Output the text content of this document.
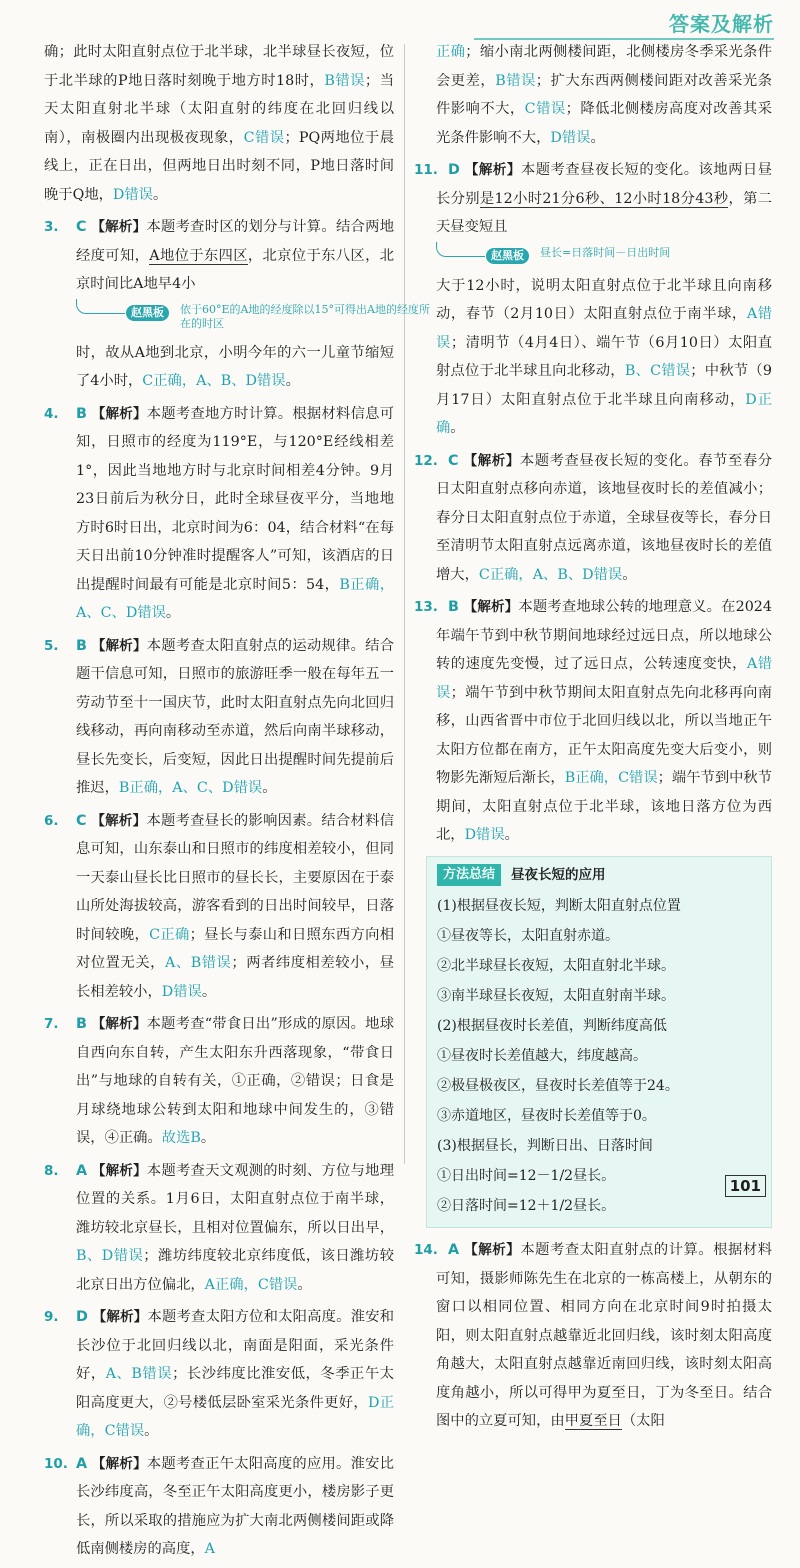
答案及解析

确；此时太阳直射点位于北半球，北半球昼长夜短，位于北半球的P地日落时刻晚于地方时18时，B错误；当天太阳直射北半球（太阳直射的纬度在北回归线以南），南极圈内出现极夜现象，C错误；PQ两地位于晨线上，正在日出，但两地日出时刻不同，P地日落时间晚于Q地，D错误。

3. C 【解析】本题考查时区的划分与计算。结合两地经度可知，A地位于东四区，北京位于东八区，北京时间比A地早4小

赵黑板	依于60°E的A地的经度除以15°可得出A地的经度所在的时区

时，故从A地到北京，小明今年的六一儿童节缩短了4小时，C正确，A、B、D错误。

4. B 【解析】本题考查地方时计算。根据材料信息可知，日照市的经度为119°E，与120°E经线相差1°，因此当地地方时与北京时间相差4分钟。9月23日前后为秋分日，此时全球昼夜平分，当地地方时6时日出，北京时间为6：04，结合材料“在每天日出前10分钟准时提醒客人”可知，该酒店的日出提醒时间最有可能是北京时间5：54，B正确，A、C、D错误。

5. B 【解析】本题考查太阳直射点的运动规律。结合题干信息可知，日照市的旅游旺季一般在每年五一劳动节至十一国庆节，此时太阳直射点先向北回归线移动，再向南移动至赤道，然后向南半球移动，昼长先变长，后变短，因此日出提醒时间先提前后推迟，B正确，A、C、D错误。

6. C 【解析】本题考查昼长的影响因素。结合材料信息可知，山东泰山和日照市的纬度相差较小，但同一天泰山昼长比日照市的昼长长，主要原因在于泰山所处海拔较高，游客看到的日出时间较早，日落时间较晚，C正确；昼长与泰山和日照东西方向相对位置无关，A、B错误；两者纬度相差较小，昼长相差较小，D错误。

7. B 【解析】本题考查“带食日出”形成的原因。地球自西向东自转，产生太阳东升西落现象，“带食日出”与地球的自转有关，①正确，②错误；日食是月球绕地球公转到太阳和地球中间发生的，③错误，④正确。故选B。

8. A 【解析】本题考查天文观测的时刻、方位与地理位置的关系。1月6日，太阳直射点位于南半球，潍坊较北京昼长，且相对位置偏东，所以日出早，B、D错误；潍坊纬度较北京纬度低，该日潍坊较北京日出方位偏北，A正确，C错误。

9. D 【解析】本题考查太阳方位和太阳高度。淮安和长沙位于北回归线以北，南面是阳面，采光条件好，A、B错误；长沙纬度比淮安低，冬季正午太阳高度更大，②号楼低层卧室采光条件更好，D正确，C错误。

10. A 【解析】本题考查正午太阳高度的应用。淮安比长沙纬度高，冬至正午太阳高度更小，楼房影子更长，所以采取的措施应为扩大南北两侧楼间距或降低南侧楼房的高度，A

正确；缩小南北两侧楼间距，北侧楼房冬季采光条件会更差，B错误；扩大东西两侧楼间距对改善采光条件影响不大，C错误；降低北侧楼房高度对改善其采光条件影响不大，D错误。

11. D 【解析】本题考查昼夜长短的变化。该地两日昼长分别是12小时21分6秒、12小时18分43秒，第二天昼变短且

赵黑板	昼长=日落时间－日出时间

大于12小时，说明太阳直射点位于北半球且向南移动，春节（2月10日）太阳直射点位于南半球，A错误；清明节（4月4日）、端午节（6月10日）太阳直射点位于北半球且向北移动，B、C错误；中秋节（9月17日）太阳直射点位于北半球且向南移动，D正确。

12. C 【解析】本题考查昼夜长短的变化。春节至春分日太阳直射点移向赤道，该地昼夜时长的差值减小；春分日太阳直射点位于赤道，全球昼夜等长，春分日至清明节太阳直射点远离赤道，该地昼夜时长的差值增大，C正确，A、B、D错误。

13. B 【解析】本题考查地球公转的地理意义。在2024年端午节到中秋节期间地球经过远日点，所以地球公转的速度先变慢，过了远日点，公转速度变快，A错误；端午节到中秋节期间太阳直射点先向北移再向南移，山西省晋中市位于北回归线以北，所以当地正午太阳方位都在南方，正午太阳高度先变大后变小，则物影先渐短后渐长，B正确，C错误；端午节到中秋节期间，太阳直射点位于北半球，该地日落方位为西北，D错误。

方法总结	昼夜长短的应用

(1)根据昼夜长短，判断太阳直射点位置

①昼夜等长，太阳直射赤道。

②北半球昼长夜短，太阳直射北半球。

③南半球昼长夜短，太阳直射南半球。

(2)根据昼夜时长差值，判断纬度高低

①昼夜时长差值越大，纬度越高。

②极昼极夜区，昼夜时长差值等于24。

③赤道地区，昼夜时长差值等于0。

(3)根据昼长，判断日出、日落时间

①日出时间=12－1/2昼长。

②日落时间=12＋1/2昼长。

14. A 【解析】本题考查太阳直射点的计算。根据材料可知，摄影师陈先生在北京的一栋高楼上，从朝东的窗口以相同位置、相同方向在北京时间9时拍摄太阳，则太阳直射点越靠近北回归线，该时刻太阳高度角越大，太阳直射点越靠近南回归线，该时刻太阳高度角越小，所以可得甲为夏至日，丁为冬至日。结合图中的立夏可知，由甲夏至日（太阳

101
